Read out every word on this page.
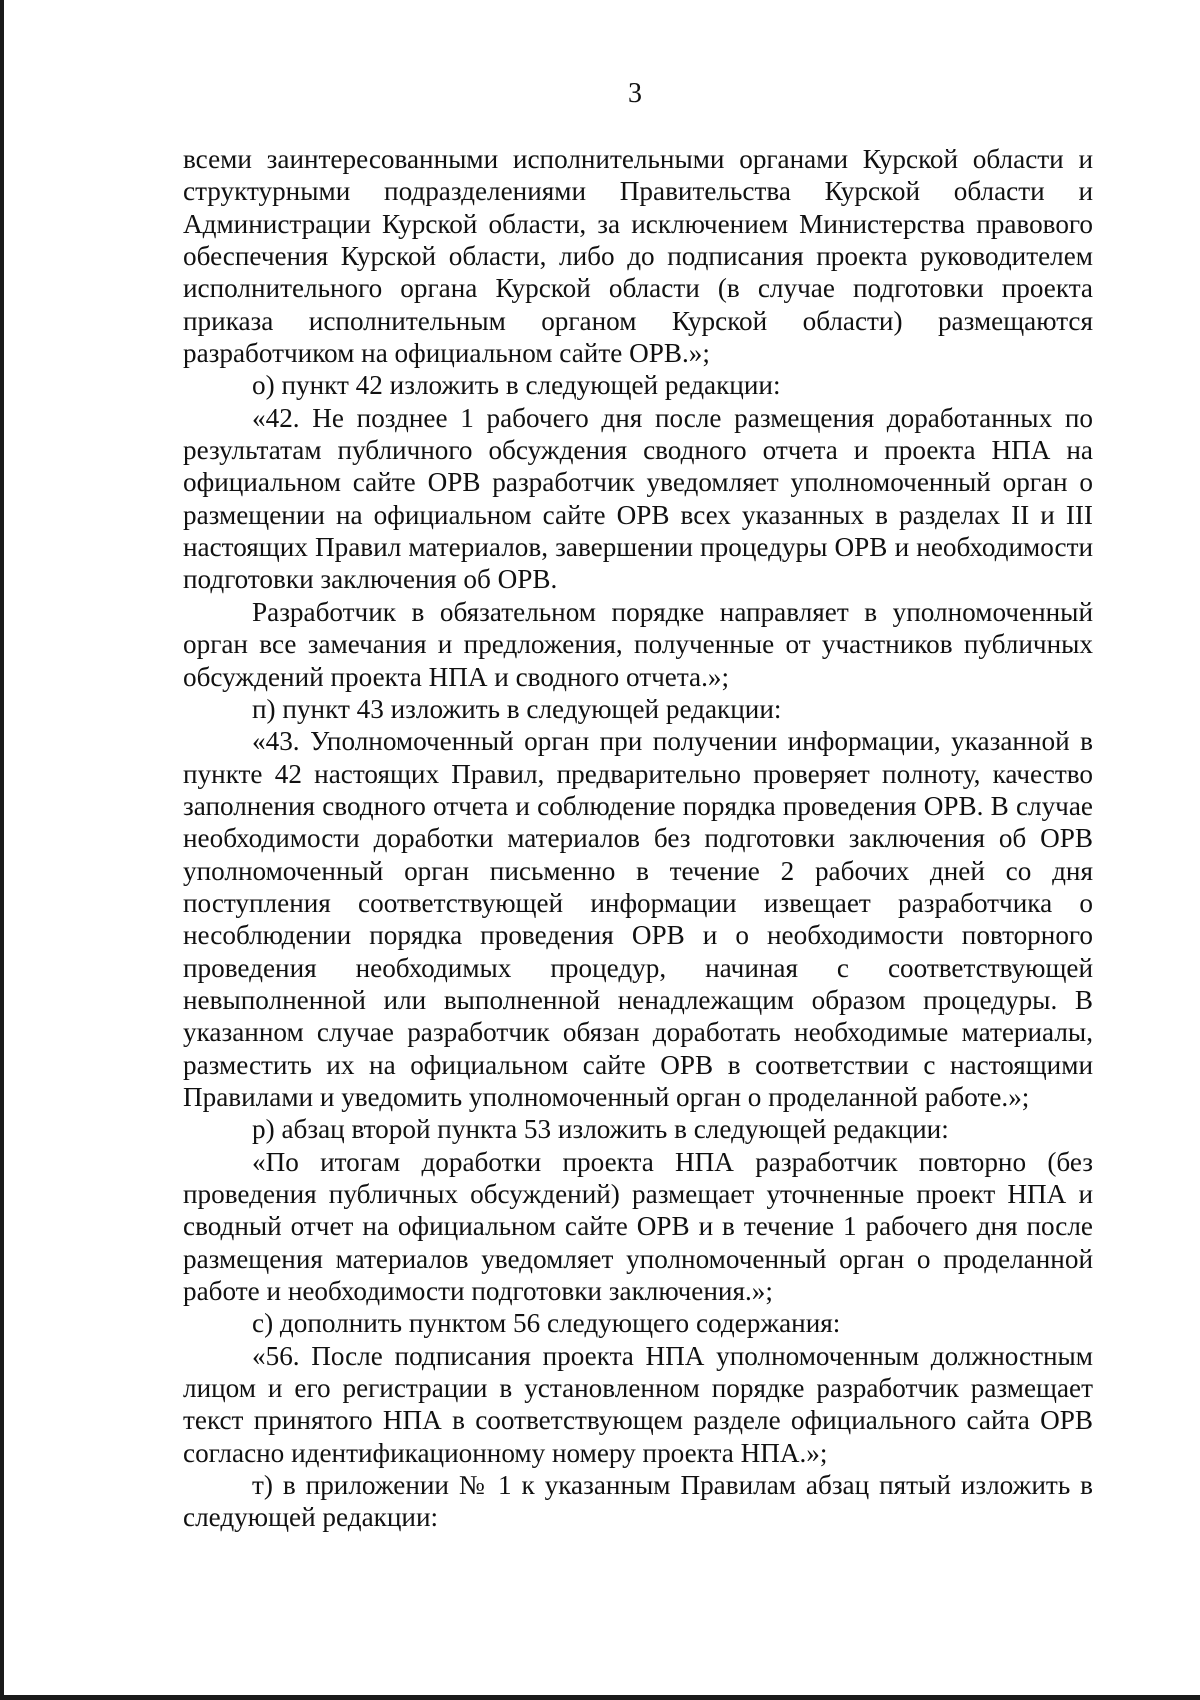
3

всеми заинтересованными исполнительными органами Курской области и структурными подразделениями Правительства Курской области и Администрации Курской области, за исключением Министерства правового обеспечения Курской области, либо до подписания проекта руководителем исполнительного органа Курской области (в случае подготовки проекта приказа исполнительным органом Курской области) размещаются разработчиком на официальном сайте ОРВ.»;

о) пункт 42 изложить в следующей редакции:

«42. Не позднее 1 рабочего дня после размещения доработанных по результатам публичного обсуждения сводного отчета и проекта НПА на официальном сайте ОРВ разработчик уведомляет уполномоченный орган о размещении на официальном сайте ОРВ всех указанных в разделах II и III настоящих Правил материалов, завершении процедуры ОРВ и необходимости подготовки заключения об ОРВ.

Разработчик в обязательном порядке направляет в уполномоченный орган все замечания и предложения, полученные от участников публичных обсуждений проекта НПА и сводного отчета.»;

п) пункт 43 изложить в следующей редакции:

«43. Уполномоченный орган при получении информации, указанной в пункте 42 настоящих Правил, предварительно проверяет полноту, качество заполнения сводного отчета и соблюдение порядка проведения ОРВ. В случае необходимости доработки материалов без подготовки заключения об ОРВ уполномоченный орган письменно в течение 2 рабочих дней со дня поступления соответствующей информации извещает разработчика о несоблюдении порядка проведения ОРВ и о необходимости повторного проведения необходимых процедур, начиная с соответствующей невыполненной или выполненной ненадлежащим образом процедуры. В указанном случае разработчик обязан доработать необходимые материалы, разместить их на официальном сайте ОРВ в соответствии с настоящими Правилами и уведомить уполномоченный орган о проделанной работе.»;

р) абзац второй пункта 53 изложить в следующей редакции:

«По итогам доработки проекта НПА разработчик повторно (без проведения публичных обсуждений) размещает уточненные проект НПА и сводный отчет на официальном сайте ОРВ и в течение 1 рабочего дня после размещения материалов уведомляет уполномоченный орган о проделанной работе и необходимости подготовки заключения.»;

с) дополнить пунктом 56 следующего содержания:

«56. После подписания проекта НПА уполномоченным должностным лицом и его регистрации в установленном порядке разработчик размещает текст принятого НПА в соответствующем разделе официального сайта ОРВ согласно идентификационному номеру проекта НПА.»;

т) в приложении № 1 к указанным Правилам абзац пятый изложить в следующей редакции:
